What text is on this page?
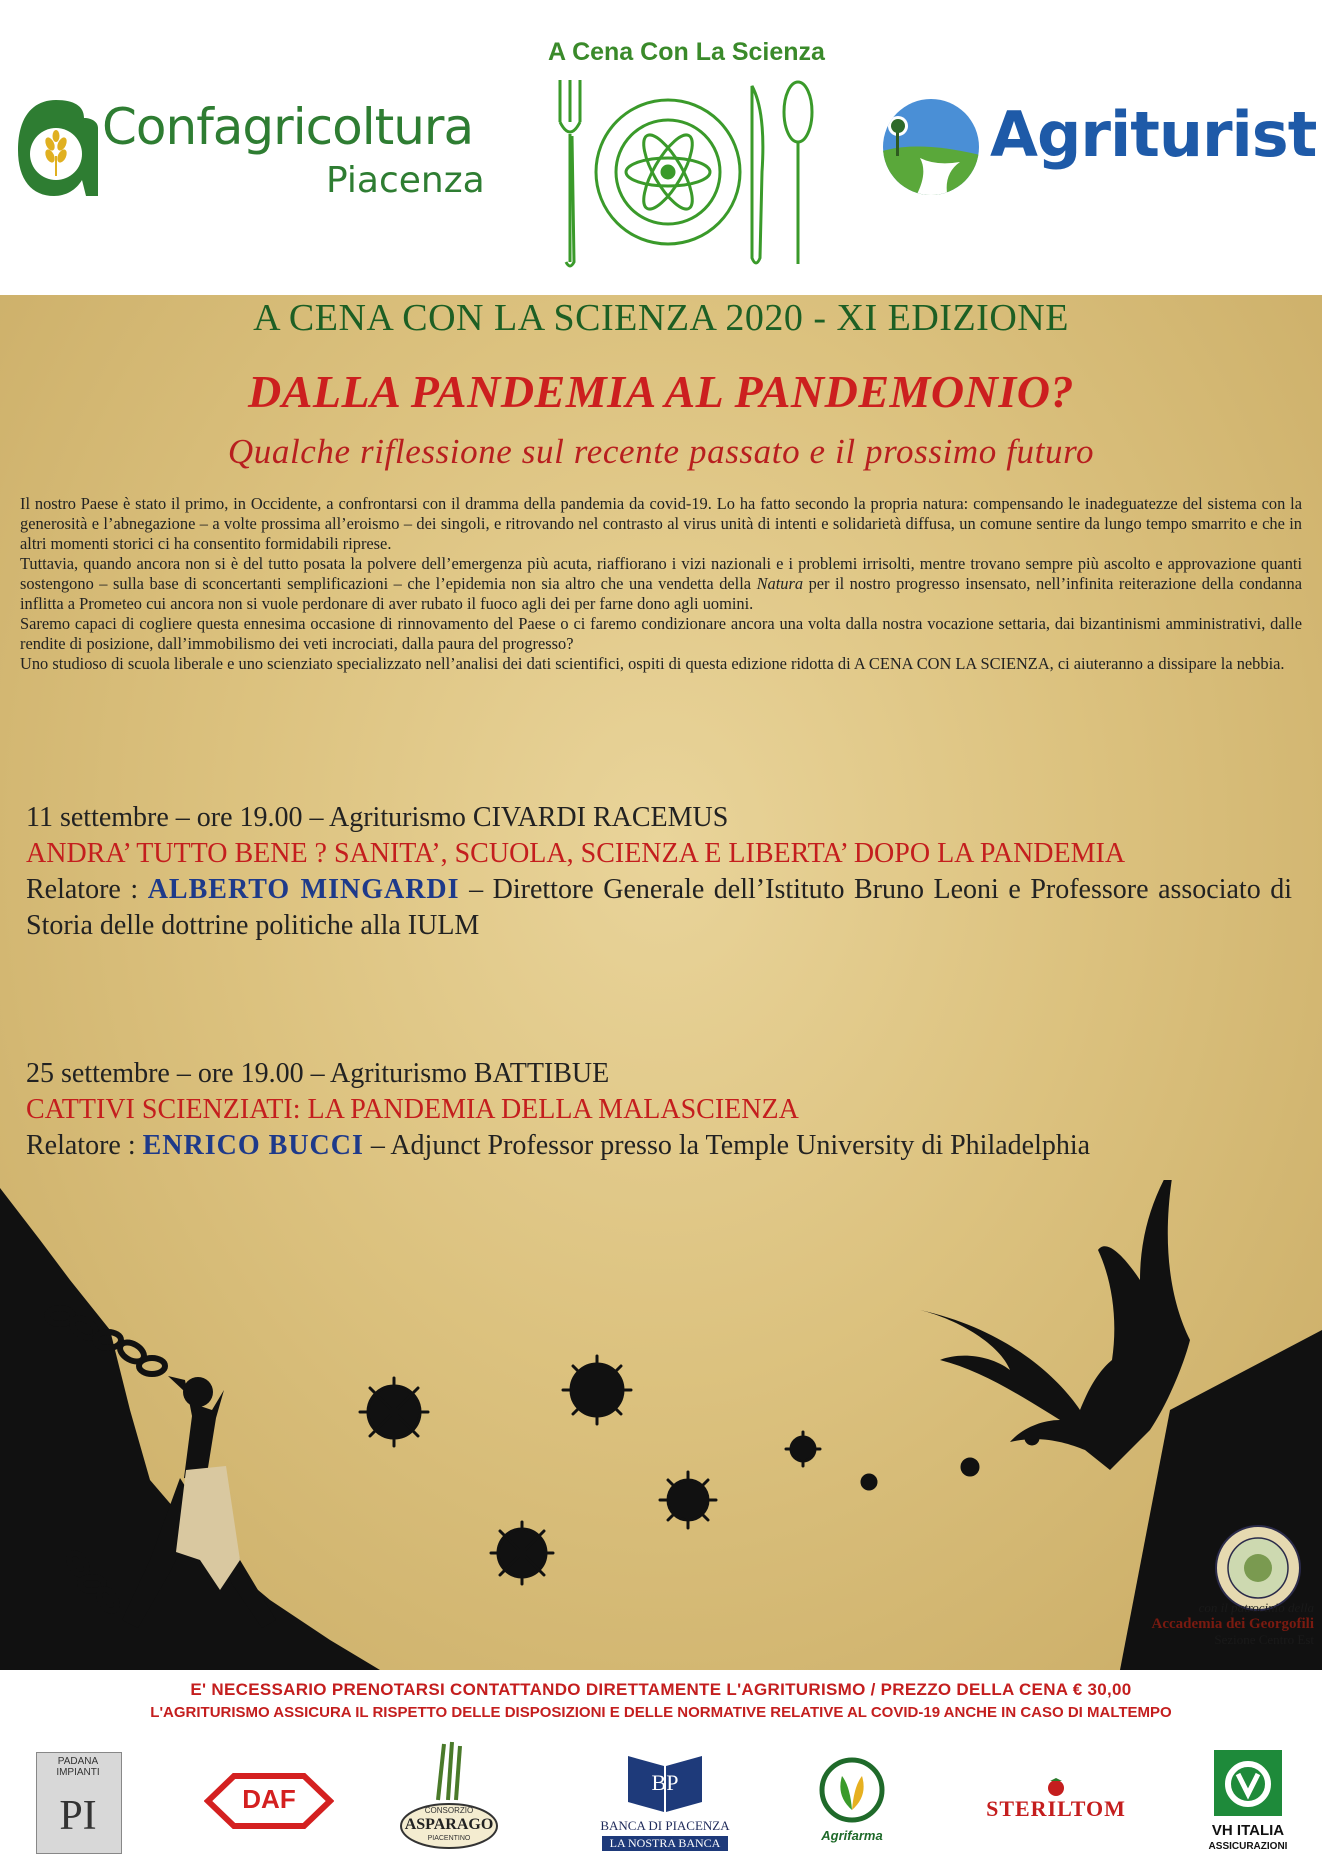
Confagricoltura
Piacenza
A Cena Con La Scienza
Agriturist
A CENA CON LA SCIENZA 2020 - XI EDIZIONE
DALLA PANDEMIA AL PANDEMONIO?
Qualche riflessione sul recente passato e il prossimo futuro

Il nostro Paese è stato il primo, in Occidente, a confrontarsi con il dramma della pandemia da covid-19. Lo ha fatto secondo la propria natura: compensando le inadeguatezze del sistema con la generosità e l’abnegazione – a volte prossima all’eroismo – dei singoli, e ritrovando nel contrasto al virus unità di intenti e solidarietà diffusa, un comune sentire da lungo tempo smarrito e che in altri momenti storici ci ha consentito formidabili riprese.

Tuttavia, quando ancora non si è del tutto posata la polvere dell’emergenza più acuta, riaffiorano i vizi nazionali e i problemi irrisolti, mentre trovano sempre più ascolto e approvazione quanti sostengono – sulla base di sconcertanti semplificazioni – che l’epidemia non sia altro che una vendetta della Natura per il nostro progresso insensato, nell’infinita reiterazione della condanna inflitta a Prometeo cui ancora non si vuole perdonare di aver rubato il fuoco agli dei per farne dono agli uomini.

Saremo capaci di cogliere questa ennesima occasione di rinnovamento del Paese o ci faremo condizionare ancora una volta dalla nostra vocazione settaria, dai bizantinismi amministrativi, dalle rendite di posizione, dall’immobilismo dei veti incrociati, dalla paura del progresso?

Uno studioso di scuola liberale e uno scienziato specializzato nell’analisi dei dati scientifici, ospiti di questa edizione ridotta di A CENA CON LA SCIENZA, ci aiuteranno a dissipare la nebbia.

11 settembre – ore 19.00 – Agriturismo CIVARDI RACEMUS
ANDRA’ TUTTO BENE ? SANITA’, SCUOLA, SCIENZA E LIBERTA’ DOPO LA PANDEMIA
Relatore : ALBERTO MINGARDI – Direttore Generale dell’Istituto Bruno Leoni e Professore associato di Storia delle dottrine politiche alla IULM
25 settembre – ore 19.00 – Agriturismo BATTIBUE
CATTIVI SCIENZIATI: LA PANDEMIA DELLA MALASCIENZA
Relatore : ENRICO BUCCI – Adjunct Professor presso la Temple University di Philadelphia
con il patrocinio della
Accademia dei Georgofili
Sezione Centro Est
E' NECESSARIO PRENOTARSI CONTATTANDO DIRETTAMENTE L'AGRITURISMO / PREZZO DELLA CENA € 30,00
L'AGRITURISMO ASSICURA IL RISPETTO DELLE DISPOSIZIONI E DELLE NORMATIVE RELATIVE AL COVID-19 ANCHE IN CASO DI MALTEMPO
PADANA IMPIANTI
PI	DAF	CONSORZIO
ASPARAGO
PIACENTINO
BP
BANCA DI PIACENZA
LA NOSTRA BANCA	Agrifarma
STERILTOM
VH ITALIA
ASSICURAZIONI
